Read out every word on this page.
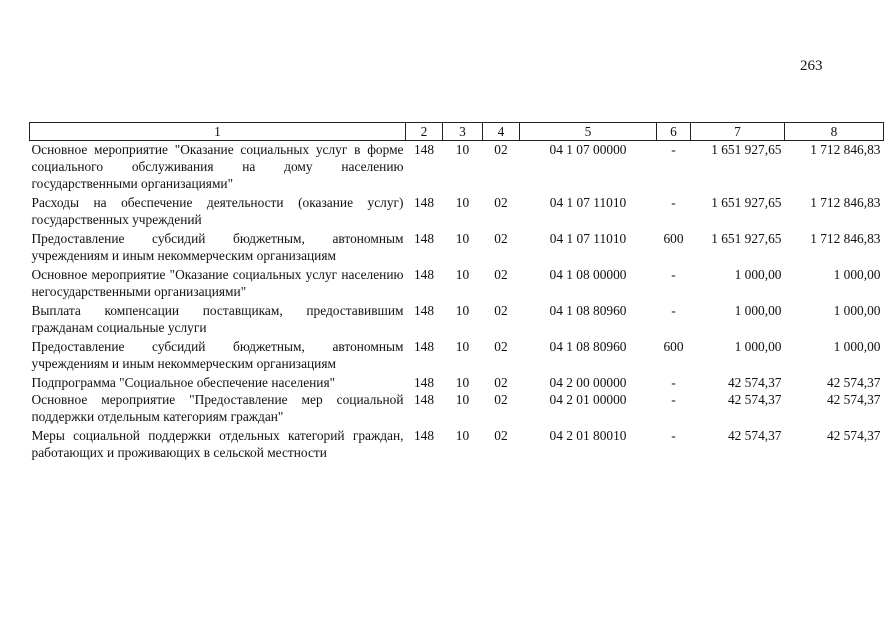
263
1	2	3	4	5	6	7	8
Основное мероприятие "Оказание социальных услуг в форме социального обслуживания на дому населению государственными организациями"	148	10	02	04 1 07 00000	-	1 651 927,65	1 712 846,83
Расходы на обеспечение деятельности (оказание услуг) государственных учреждений	148	10	02	04 1 07 11010	-	1 651 927,65	1 712 846,83
Предоставление субсидий бюджетным, автономным учреждениям и иным некоммерческим организациям	148	10	02	04 1 07 11010	600	1 651 927,65	1 712 846,83
Основное мероприятие "Оказание социальных услуг населению негосударственными организациями"	148	10	02	04 1 08 00000	-	1 000,00	1 000,00
Выплата компенсации поставщикам, предоставившим гражданам социальные услуги	148	10	02	04 1 08 80960	-	1 000,00	1 000,00
Предоставление субсидий бюджетным, автономным учреждениям и иным некоммерческим организациям	148	10	02	04 1 08 80960	600	1 000,00	1 000,00
Подпрограмма "Социальное обеспечение населения"	148	10	02	04 2 00 00000	-	42 574,37	42 574,37
Основное мероприятие "Предоставление мер социальной поддержки отдельным категориям граждан"	148	10	02	04 2 01 00000	-	42 574,37	42 574,37
Меры социальной поддержки отдельных категорий граждан, работающих и проживающих в сельской местности	148	10	02	04 2 01 80010	-	42 574,37	42 574,37
